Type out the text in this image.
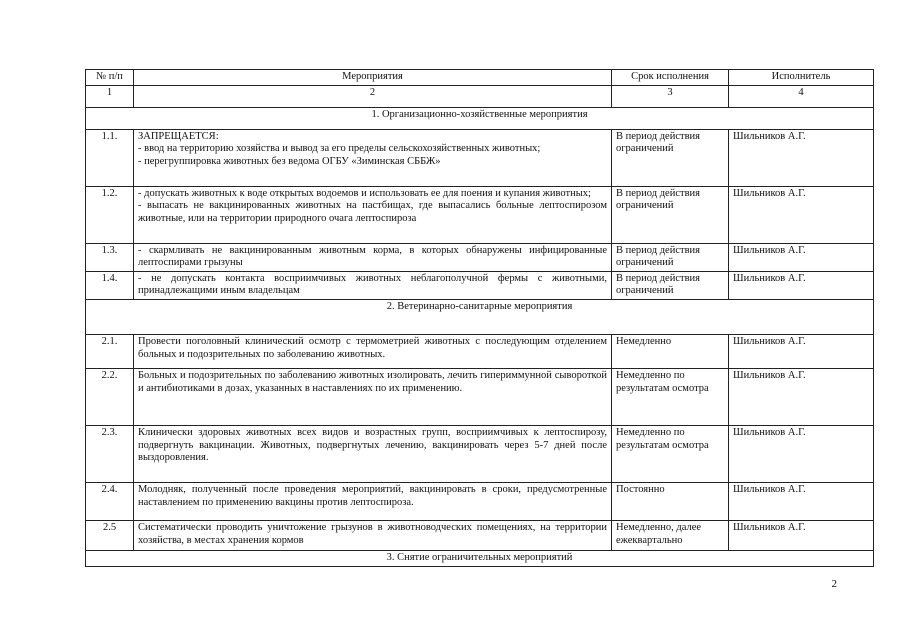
№ п/п	Мероприятия	Срок исполнения	Исполнитель
1	2	3	4
1. Организационно-хозяйственные мероприятия			
1.1.	ЗАПРЕЩАЕТСЯ:
- ввод на территорию хозяйства и вывод за его пределы сельскохозяйственных животных;
- перегруппировка животных без ведома ОГБУ «Зиминская СББЖ»	В период действия ограничений	Шильников А.Г.
1.2.	- допускать животных к воде открытых водоемов и использовать ее для поения и купания животных;
- выпасать не вакцинированных животных на пастбищах, где выпасались больные лептоспирозом животные, или на территории природного очага лептоспироза	В период действия ограничений	Шильников А.Г.
1.3.	- скармливать не вакцинированным животным корма, в которых обнаружены инфицированные лептоспирами грызуны	В период действия ограничений	Шильников А.Г.
1.4.	- не допускать контакта восприимчивых животных неблагополучной фермы с животными, принадлежащими иным владельцам	В период действия ограничений	Шильников А.Г.
2. Ветеринарно-санитарные мероприятия			
2.1.	Провести поголовный клинический осмотр с термометрией животных с последующим отделением больных и подозрительных по заболеванию животных.	Немедленно	Шильников А.Г.
2.2.	Больных и подозрительных по заболеванию животных изолировать, лечить гипериммунной сывороткой и антибиотиками в дозах, указанных в наставлениях по их применению.	Немедленно по результатам осмотра	Шильников А.Г.
2.3.	Клинически здоровых животных всех видов и возрастных групп, восприимчивых к лептоспирозу, подвергнуть вакцинации. Животных, подвергнутых лечению, вакцинировать через 5-7 дней после выздоровления.	Немедленно по результатам осмотра	Шильников А.Г.
2.4.	Молодняк, полученный после проведения мероприятий, вакцинировать в сроки, предусмотренные наставлением по применению вакцины против лептоспироза.	Постоянно	Шильников А.Г.
2.5	Систематически проводить уничтожение грызунов в животноводческих помещениях, на территории хозяйства, в местах хранения кормов	Немедленно, далее ежеквартально	Шильников А.Г.
3. Снятие ограничительных мероприятий			
2
